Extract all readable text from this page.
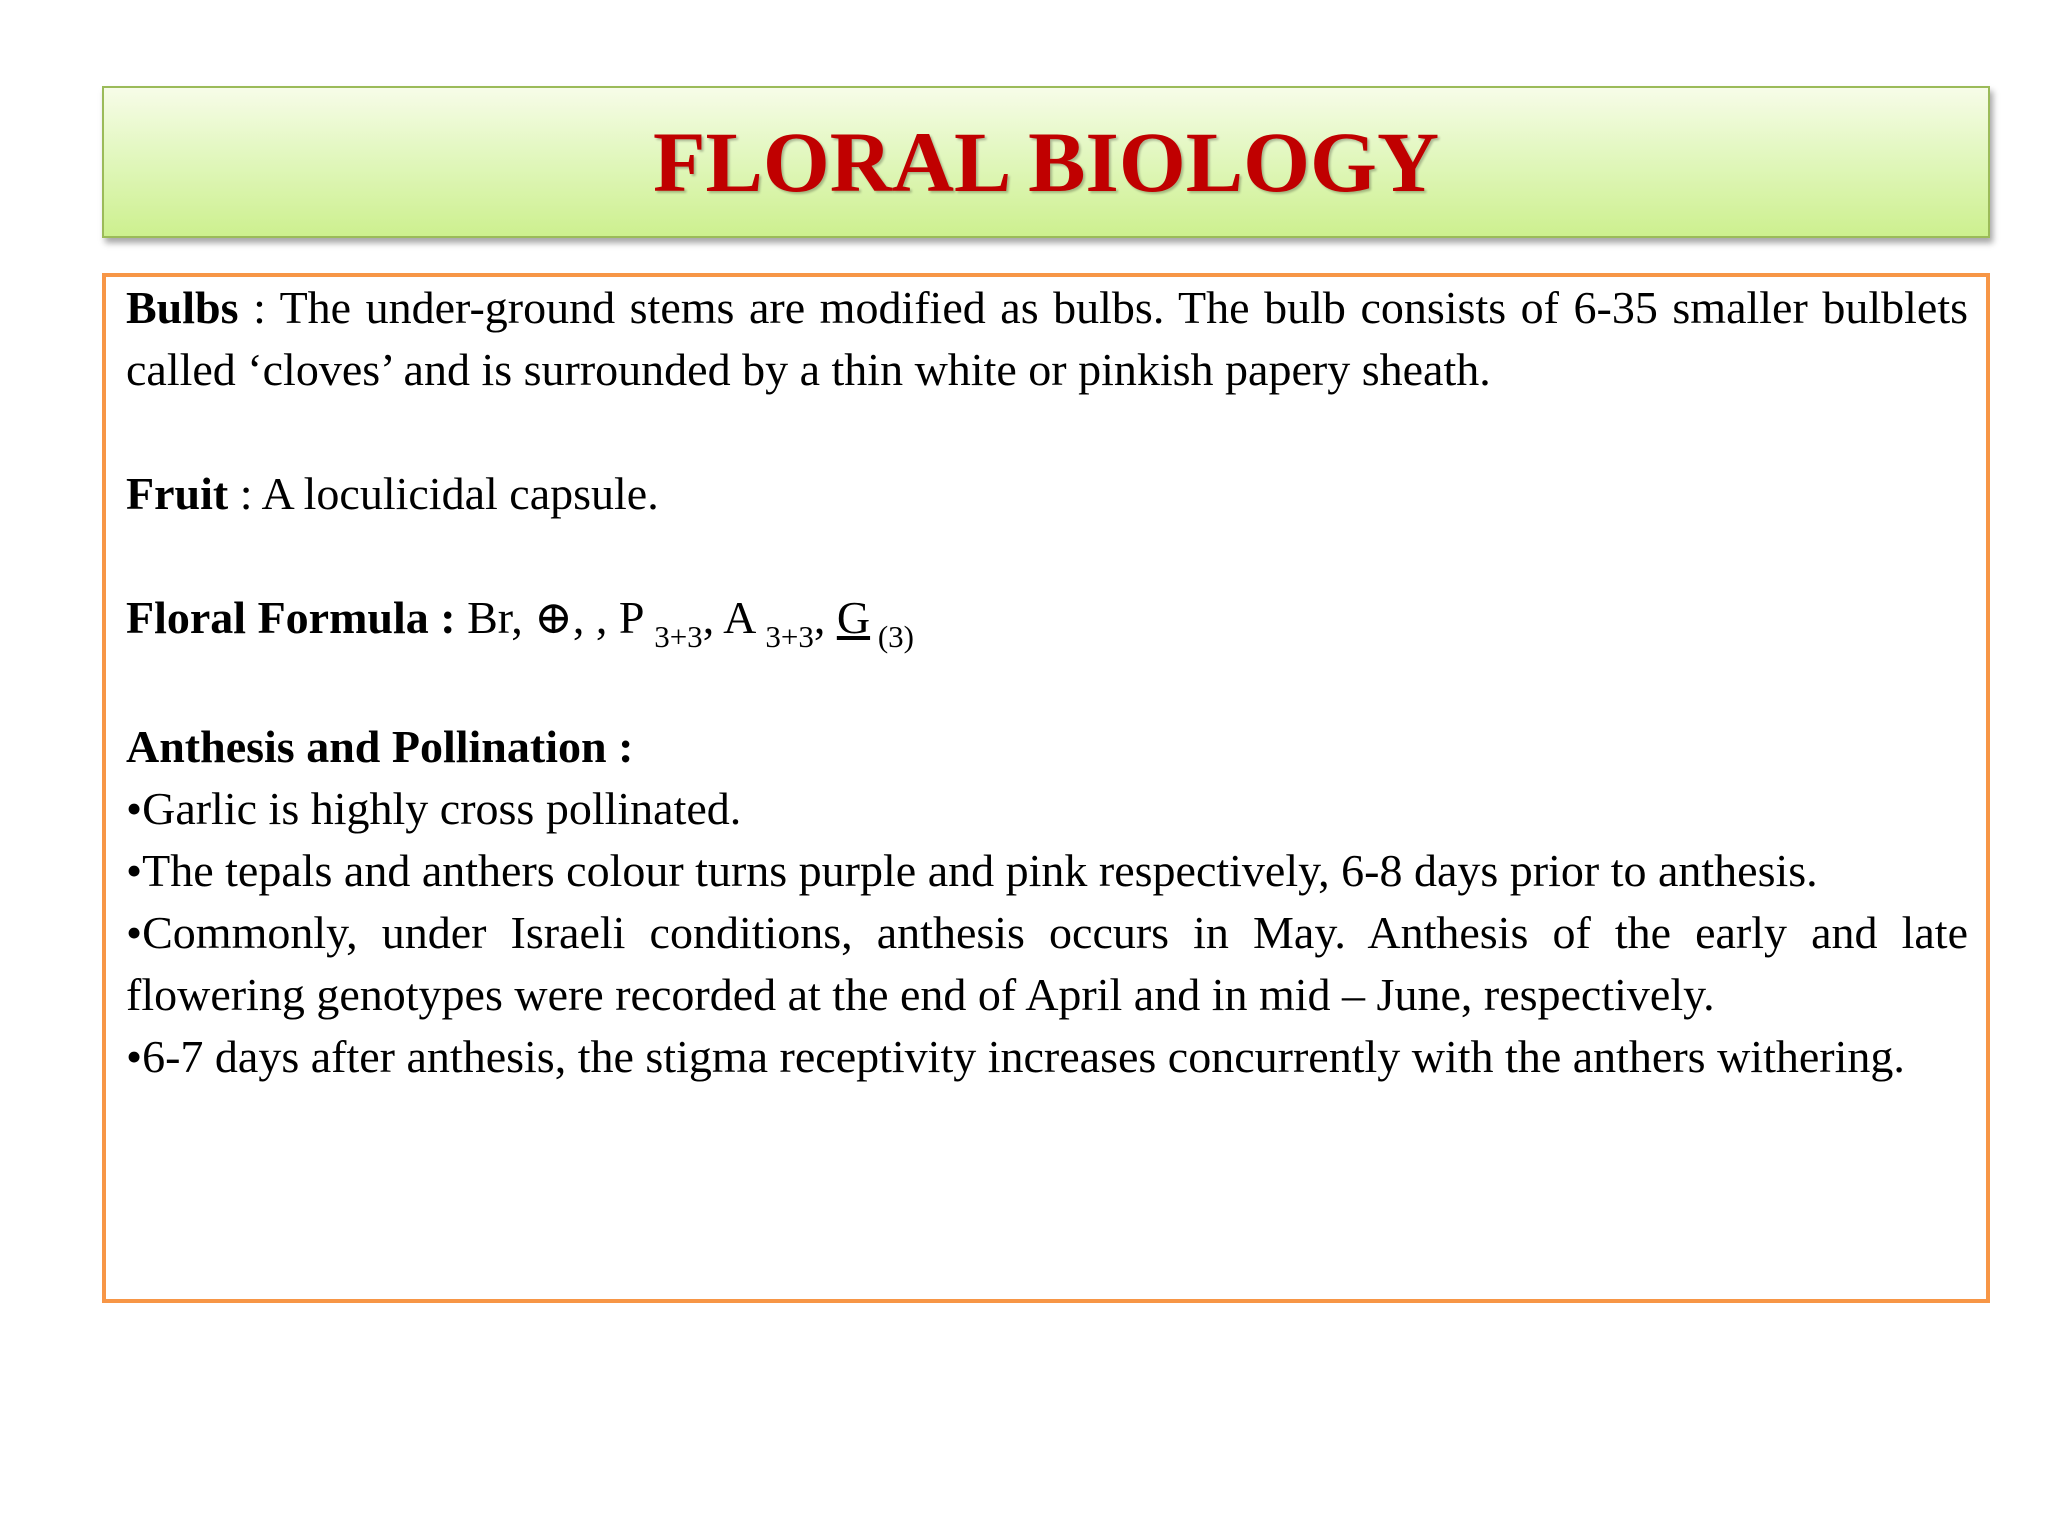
FLORAL BIOLOGY

Bulbs : The under-ground stems are modified as bulbs. The bulb consists of 6-35 smaller bulblets called ‘cloves’ and is surrounded by a thin white or pinkish papery sheath.

Fruit : A loculicidal capsule.

Floral Formula : Br, ⊕, , P $_{3+3}$, A $_{3+3}$, G $_{(3)}$

Anthesis and Pollination :

•Garlic is highly cross pollinated.

•The tepals and anthers colour turns purple and pink respectively, 6-8 days prior to anthesis.

•Commonly, under Israeli conditions, anthesis occurs in May. Anthesis of the early and late flowering genotypes were recorded at the end of April and in mid – June, respectively.

•6-7 days after anthesis, the stigma receptivity increases concurrently with the anthers withering.
